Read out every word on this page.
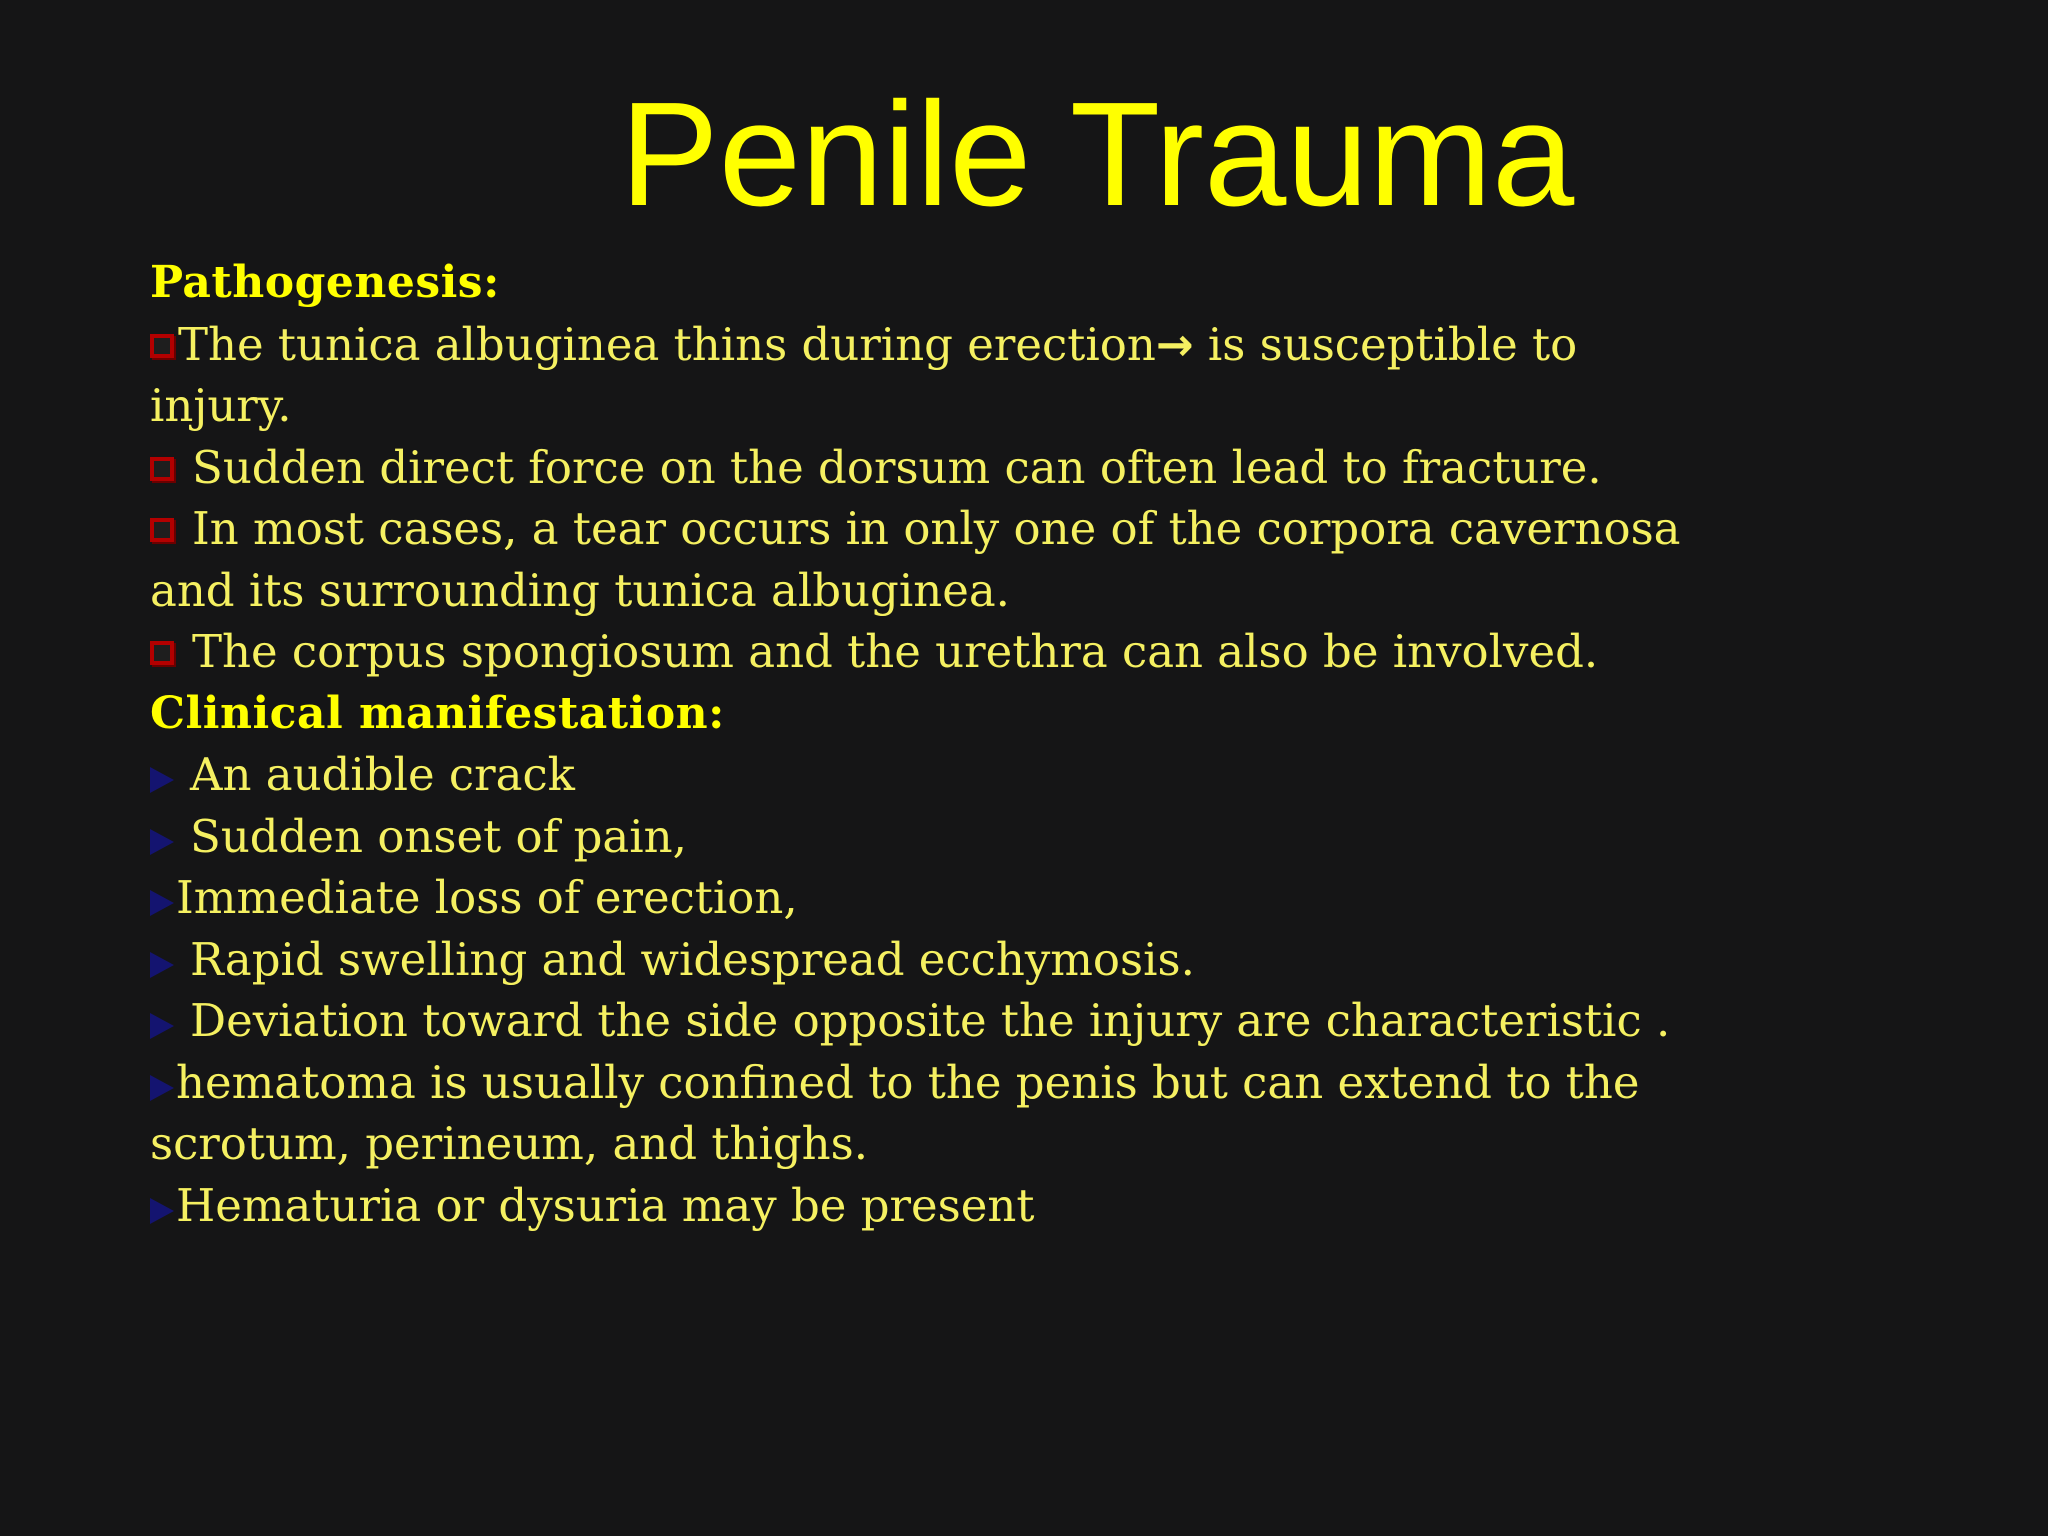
Penile Trauma
Pathogenesis:
The tunica albuginea thins during erection→ is susceptible to
injury.
Sudden direct force on the dorsum can often lead to fracture.
In most cases, a tear occurs in only one of the corpora cavernosa
and its surrounding tunica albuginea.
The corpus spongiosum and the urethra can also be involved.
Clinical manifestation:
An audible crack
Sudden onset of pain,
Immediate loss of erection,
Rapid swelling and widespread ecchymosis.
Deviation toward the side opposite the injury are characteristic .
hematoma is usually confined to the penis but can extend to the
scrotum, perineum, and thighs.
Hematuria or dysuria may be present
